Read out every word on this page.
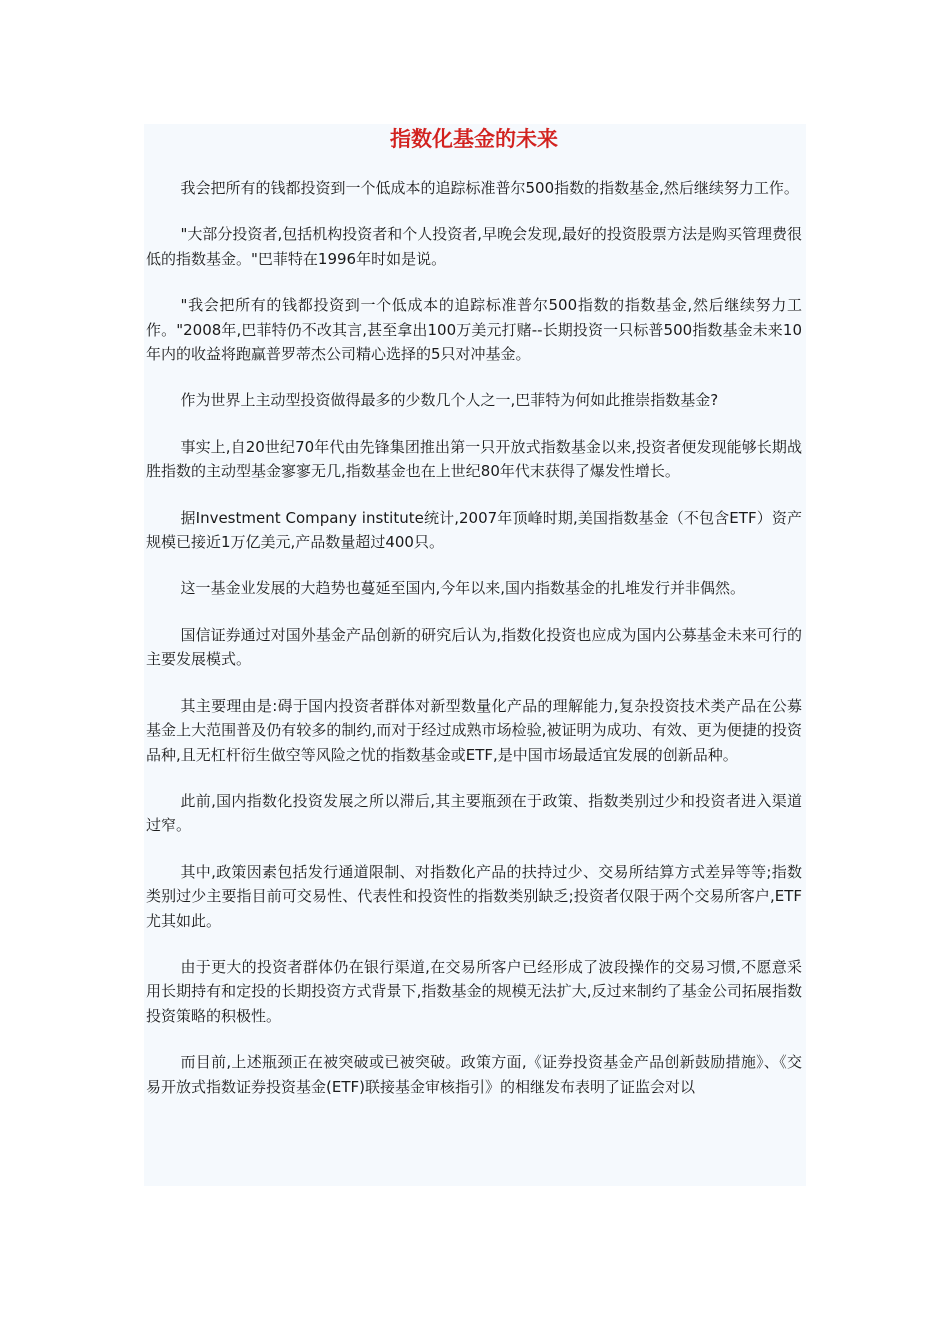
指数化基金的未来

我会把所有的钱都投资到一个低成本的追踪标准普尔500指数的指数基金,然后继续努力工作。

"大部分投资者,包括机构投资者和个人投资者,早晚会发现,最好的投资股票方法是购买管理费很低的指数基金。"巴菲特在1996年时如是说。

"我会把所有的钱都投资到一个低成本的追踪标准普尔500指数的指数基金,然后继续努力工作。"2008年,巴菲特仍不改其言,甚至拿出100万美元打赌--长期投资一只标普500指数基金未来10年内的收益将跑赢普罗蒂杰公司精心选择的5只对冲基金。

作为世界上主动型投资做得最多的少数几个人之一,巴菲特为何如此推崇指数基金?

事实上,自20世纪70年代由先锋集团推出第一只开放式指数基金以来,投资者便发现能够长期战胜指数的主动型基金寥寥无几,指数基金也在上世纪80年代末获得了爆发性增长。

据Investment Company institute统计,2007年顶峰时期,美国指数基金（不包含ETF）资产规模已接近1万亿美元,产品数量超过400只。

这一基金业发展的大趋势也蔓延至国内,今年以来,国内指数基金的扎堆发行并非偶然。

国信证券通过对国外基金产品创新的研究后认为,指数化投资也应成为国内公募基金未来可行的主要发展模式。

其主要理由是:碍于国内投资者群体对新型数量化产品的理解能力,复杂投资技术类产品在公募基金上大范围普及仍有较多的制约,而对于经过成熟市场检验,被证明为成功、有效、更为便捷的投资品种,且无杠杆衍生做空等风险之忧的指数基金或ETF,是中国市场最适宜发展的创新品种。

此前,国内指数化投资发展之所以滞后,其主要瓶颈在于政策、指数类别过少和投资者进入渠道过窄。

其中,政策因素包括发行通道限制、对指数化产品的扶持过少、交易所结算方式差异等等;指数类别过少主要指目前可交易性、代表性和投资性的指数类别缺乏;投资者仅限于两个交易所客户,ETF尤其如此。

由于更大的投资者群体仍在银行渠道,在交易所客户已经形成了波段操作的交易习惯,不愿意采用长期持有和定投的长期投资方式背景下,指数基金的规模无法扩大,反过来制约了基金公司拓展指数投资策略的积极性。

而目前,上述瓶颈正在被突破或已被突破。政策方面,《证券投资基金产品创新鼓励措施》、《交易开放式指数证券投资基金(ETF)联接基金审核指引》的相继发布表明了证监会对以
